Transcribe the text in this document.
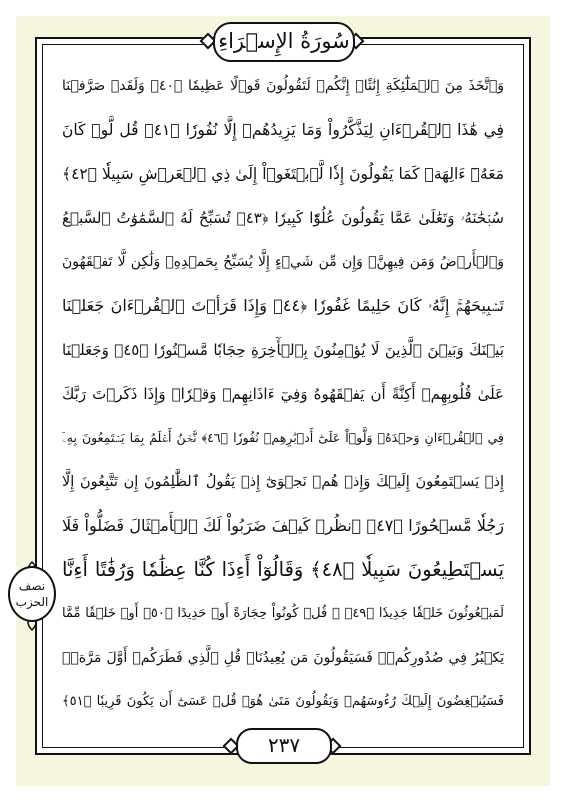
سُورَةُ الإِسۡرَاءِ
وَٱتَّخَذَ مِنَ ٱلۡمَلَٰٓئِكَةِ إِنَٰثًاۚ إِنَّكُمۡ لَتَقُولُونَ قَوۡلًا عَظِيمٗا ﴿٤٠﴾ وَلَقَدۡ صَرَّفۡنَا
فِي هَٰذَا ٱلۡقُرۡءَانِ لِيَذَّكَّرُواْ وَمَا يَزِيدُهُمۡ إِلَّا نُفُورٗا ﴿٤١﴾ قُل لَّوۡ كَانَ
مَعَهُۥٓ ءَالِهَةٞ كَمَا يَقُولُونَ إِذٗا لَّٱبۡتَغَوۡاْ إِلَىٰ ذِي ٱلۡعَرۡشِ سَبِيلٗا ﴿٤٢﴾
سُبۡحَٰنَهُۥ وَتَعَٰلَىٰ عَمَّا يَقُولُونَ عُلُوّٗا كَبِيرٗا ﴿٤٣﴾ تُسَبِّحُ لَهُ ٱلسَّمَٰوَٰتُ ٱلسَّبۡعُ
وَٱلۡأَرۡضُ وَمَن فِيهِنَّۚ وَإِن مِّن شَيۡءٍ إِلَّا يُسَبِّحُ بِحَمۡدِهِۦ وَلَٰكِن لَّا تَفۡقَهُونَ
تَسۡبِيحَهُمۡۚ إِنَّهُۥ كَانَ حَلِيمًا غَفُورٗا ﴿٤٤﴾ وَإِذَا قَرَأۡتَ ٱلۡقُرۡءَانَ جَعَلۡنَا
بَيۡنَكَ وَبَيۡنَ ٱلَّذِينَ لَا يُؤۡمِنُونَ بِٱلۡأٓخِرَةِ حِجَابٗا مَّسۡتُورٗا ﴿٤٥﴾ وَجَعَلۡنَا
عَلَىٰ قُلُوبِهِمۡ أَكِنَّةً أَن يَفۡقَهُوهُ وَفِيٓ ءَاذَانِهِمۡ وَقۡرٗاۚ وَإِذَا ذَكَرۡتَ رَبَّكَ
فِي ٱلۡقُرۡءَانِ وَحۡدَهُۥ وَلَّوۡاْ عَلَىٰٓ أَدۡبَٰرِهِمۡ نُفُورٗا ﴿٤٦﴾ نَّحۡنُ أَعۡلَمُ بِمَا يَسۡتَمِعُونَ بِهِۦٓ
إِذۡ يَسۡتَمِعُونَ إِلَيۡكَ وَإِذۡ هُمۡ نَجۡوَىٰٓ إِذۡ يَقُولُ ٱلظَّٰلِمُونَ إِن تَتَّبِعُونَ إِلَّا
رَجُلٗا مَّسۡحُورًا ﴿٤٧﴾ ٱنظُرۡ كَيۡفَ ضَرَبُواْ لَكَ ٱلۡأَمۡثَالَ فَضَلُّواْ فَلَا
يَسۡتَطِيعُونَ سَبِيلٗا ﴿٤٨﴾ وَقَالُوٓاْ أَءِذَا كُنَّا عِظَٰمٗا وَرُفَٰتًا أَءِنَّا
لَمَبۡعُوثُونَ خَلۡقٗا جَدِيدٗا ﴿٤٩﴾ ۞ قُلۡ كُونُواْ حِجَارَةً أَوۡ حَدِيدًا ﴿٥٠﴾ أَوۡ خَلۡقٗا مِّمَّا
يَكۡبُرُ فِي صُدُورِكُمۡۚ فَسَيَقُولُونَ مَن يُعِيدُنَاۖ قُلِ ٱلَّذِي فَطَرَكُمۡ أَوَّلَ مَرَّةٖۚ
فَسَيُنۡغِضُونَ إِلَيۡكَ رُءُوسَهُمۡ وَيَقُولُونَ مَتَىٰ هُوَۖ قُلۡ عَسَىٰٓ أَن يَكُونَ قَرِيبٗا ﴿٥١﴾
نصف
الحزب
٢٣٧
